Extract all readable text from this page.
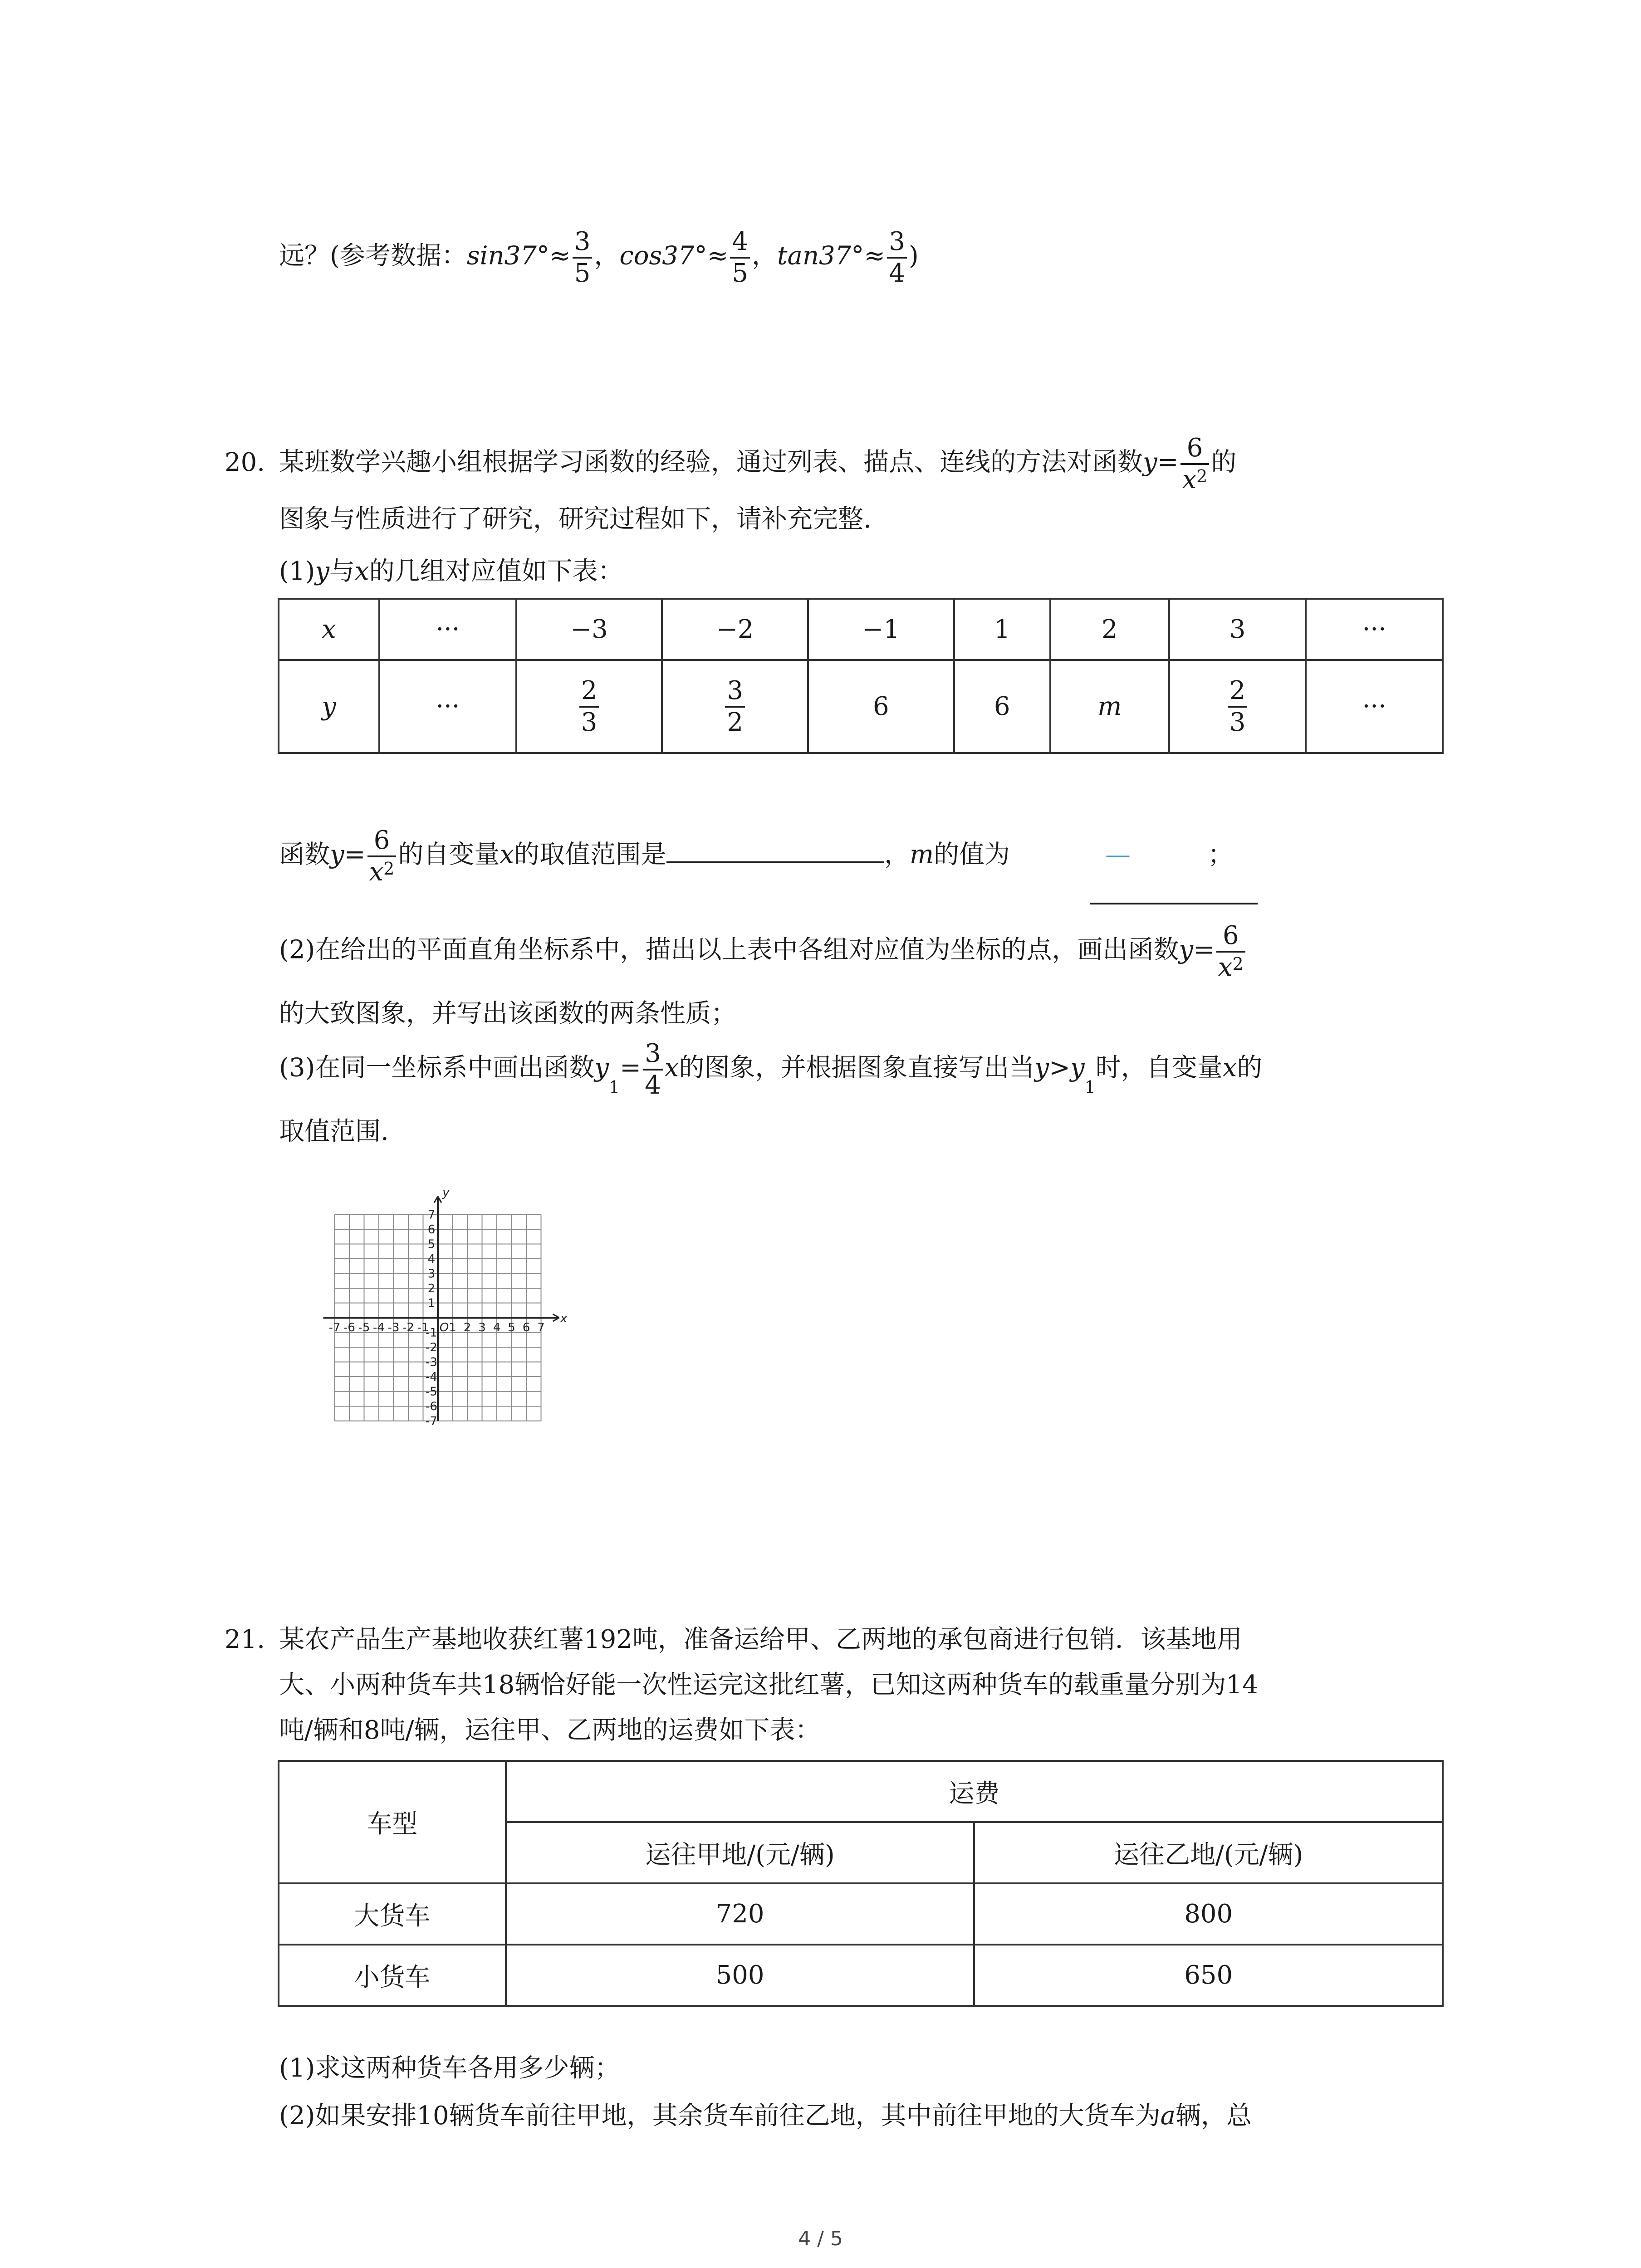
远？(参考数据：$\sin 37^\circ\approx \frac{3}{5}$ ，$\cos 37^\circ\approx \frac{4}{5}$ ，$\tan 37^\circ\approx \frac{3}{4}$ )
20. 某班数学兴趣小组根据学习函数的经验，通过列表、描点、连线的方法对函数$y= \frac{6}{x^2}$ 的
图象与性质进行了研究，研究过程如下，请补充完整.
(1)y与x的几组对应值如下表：
x	···	−3	−2	−1	1	2	3	···
y	···	$\frac{2}{3}$	$\frac{3}{2}$	6	6	m	$\frac{2}{3}$	···
函数$y= \frac{6}{x^2}$ 的自变量x的取值范围是	，m的值为	—	；
(2)在给出的平面直角坐标系中，描出以上表中各组对应值为坐标的点，画出函数$y= \frac{6}{x^2}$
的大致图象，并写出该函数的两条性质；
(3)在同一坐标系中画出函数$y_1= \frac{3}{4}$ x的图象，并根据图象直接写出当$y>y_1$时，自变量x的
取值范围.
-7 -6 -5 -4 -3 -2 -1 1 2 3 4 5 6 7
1
2
3
4
5
6
7
-1
-2
-3
-4
-5
-6
-7
O
x
y
21. 某农产品生产基地收获红薯192吨，准备运给甲、乙两地的承包商进行包销．该基地用
大、小两种货车共18辆恰好能一次性运完这批红薯，已知这两种货车的载重量分别为14
吨/辆和8吨/辆，运往甲、乙两地的运费如下表：
车型	运费	
	运往甲地/(元/辆)	运往乙地/(元/辆)
大货车	720	800
小货车	500	650
(1)求这两种货车各用多少辆；
(2)如果安排10辆货车前往甲地，其余货车前往乙地，其中前往甲地的大货车为a辆，总
4 / 5
